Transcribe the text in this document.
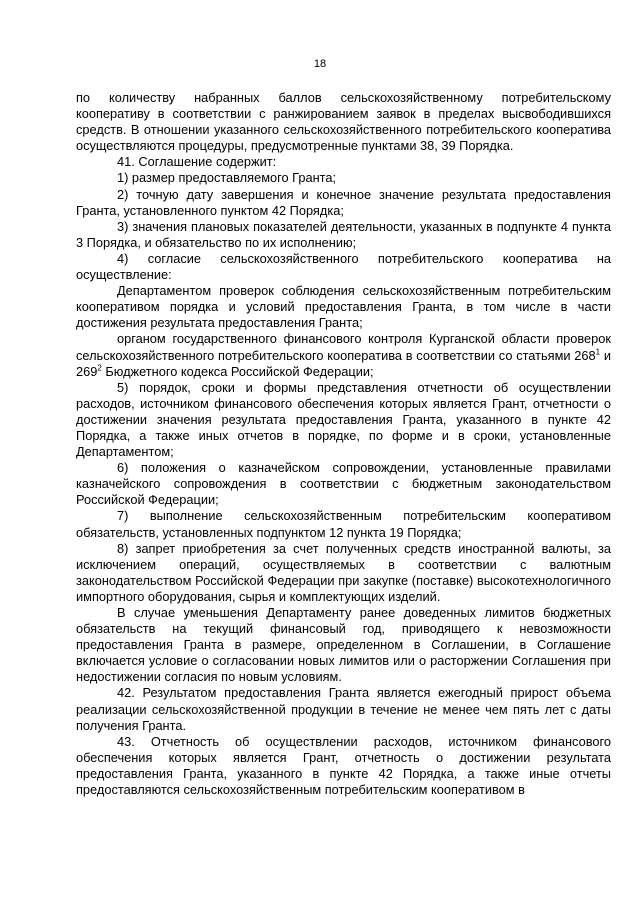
18

по количеству набранных баллов сельскохозяйственному потребительскому кооперативу в соответствии с ранжированием заявок в пределах высвободившихся средств. В отношении указанного сельскохозяйственного потребительского кооператива осуществляются процедуры, предусмотренные пунктами 38, 39 Порядка.

41. Соглашение содержит:

1) размер предоставляемого Гранта;

2) точную дату завершения и конечное значение результата предоставления Гранта, установленного пунктом 42 Порядка;

3) значения плановых показателей деятельности, указанных в подпункте 4 пункта 3 Порядка, и обязательство по их исполнению;

4) согласие сельскохозяйственного потребительского кооператива на осуществление:

Департаментом проверок соблюдения сельскохозяйственным потребительским кооперативом порядка и условий предоставления Гранта, в том числе в части достижения результата предоставления Гранта;

органом государственного финансового контроля Курганской области проверок сельскохозяйственного потребительского кооператива в соответствии со статьями $268^1$ и $269^2$ Бюджетного кодекса Российской Федерации;

5) порядок, сроки и формы представления отчетности об осуществлении расходов, источником финансового обеспечения которых является Грант, отчетности о достижении значения результата предоставления Гранта, указанного в пункте 42 Порядка, а также иных отчетов в порядке, по форме и в сроки, установленные Департаментом;

6) положения о казначейском сопровождении, установленные правилами казначейского сопровождения в соответствии с бюджетным законодательством Российской Федерации;

7) выполнение сельскохозяйственным потребительским кооперативом обязательств, установленных подпунктом 12 пункта 19 Порядка;

8) запрет приобретения за счет полученных средств иностранной валюты, за исключением операций, осуществляемых в соответствии с валютным законодательством Российской Федерации при закупке (поставке) высокотехнологичного импортного оборудования, сырья и комплектующих изделий.

В случае уменьшения Департаменту ранее доведенных лимитов бюджетных обязательств на текущий финансовый год, приводящего к невозможности предоставления Гранта в размере, определенном в Соглашении, в Соглашение включается условие о согласовании новых лимитов или о расторжении Соглашения при недостижении согласия по новым условиям.

42. Результатом предоставления Гранта является ежегодный прирост объема реализации сельскохозяйственной продукции в течение не менее чем пять лет с даты получения Гранта.

43. Отчетность об осуществлении расходов, источником финансового обеспечения которых является Грант, отчетность о достижении результата предоставления Гранта, указанного в пункте 42 Порядка, а также иные отчеты предоставляются сельскохозяйственным потребительским кооперативом в
